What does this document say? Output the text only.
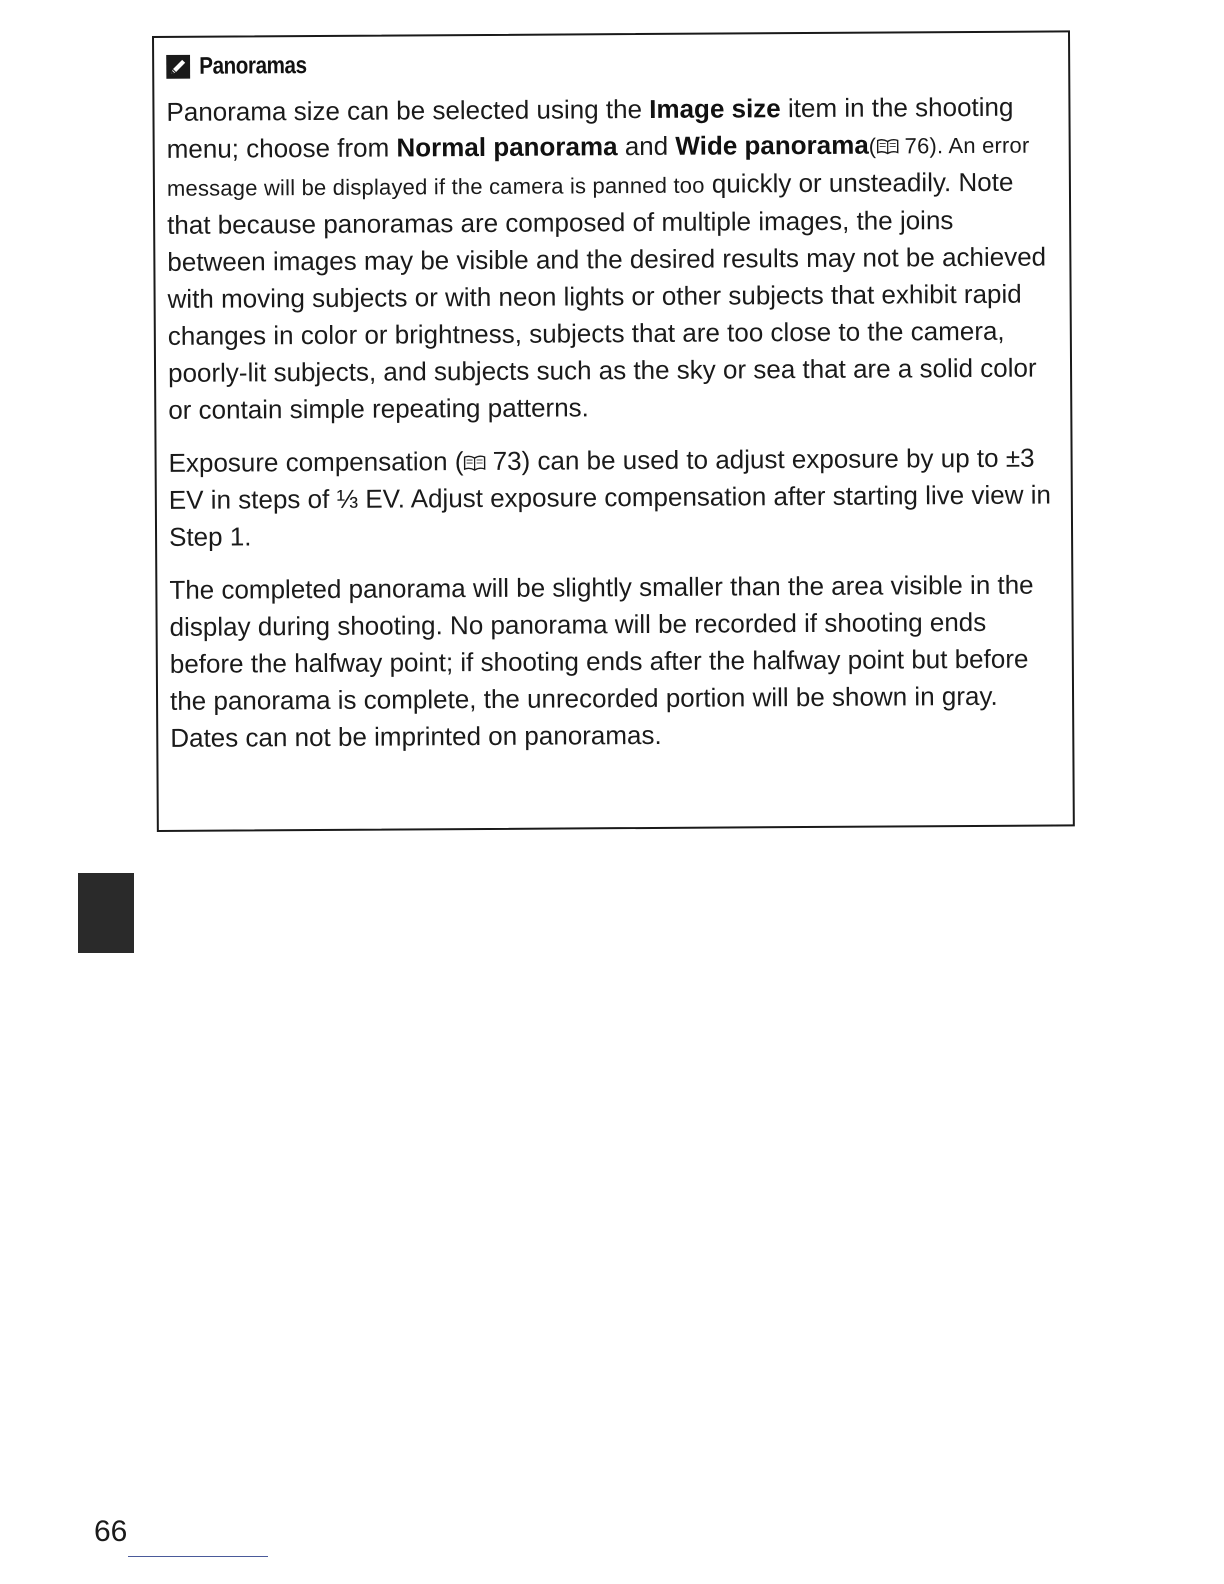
Panoramas

Panorama size can be selected using the Image size item in the shooting menu; choose from Normal panorama and Wide panorama(
76). An error message will be displayed if the camera is panned too quickly or unsteadily. Note that because panoramas are composed of multiple images, the joins between images may be visible and the desired results may not be achieved with moving subjects or with neon lights or other subjects that exhibit rapid changes in color or brightness, subjects that are too close to the camera, poorly-lit subjects, and subjects such as the sky or sea that are a solid color or contain simple repeating patterns.

Exposure compensation (
73) can be used to adjust exposure by up to ±3 EV in steps of ⅓ EV. Adjust exposure compensation after starting live view in Step 1.

The completed panorama will be slightly smaller than the area visible in the display during shooting. No panorama will be recorded if shooting ends before the halfway point; if shooting ends after the halfway point but before the panorama is complete, the unrecorded portion will be shown in gray. Dates can not be imprinted on panoramas.

66
